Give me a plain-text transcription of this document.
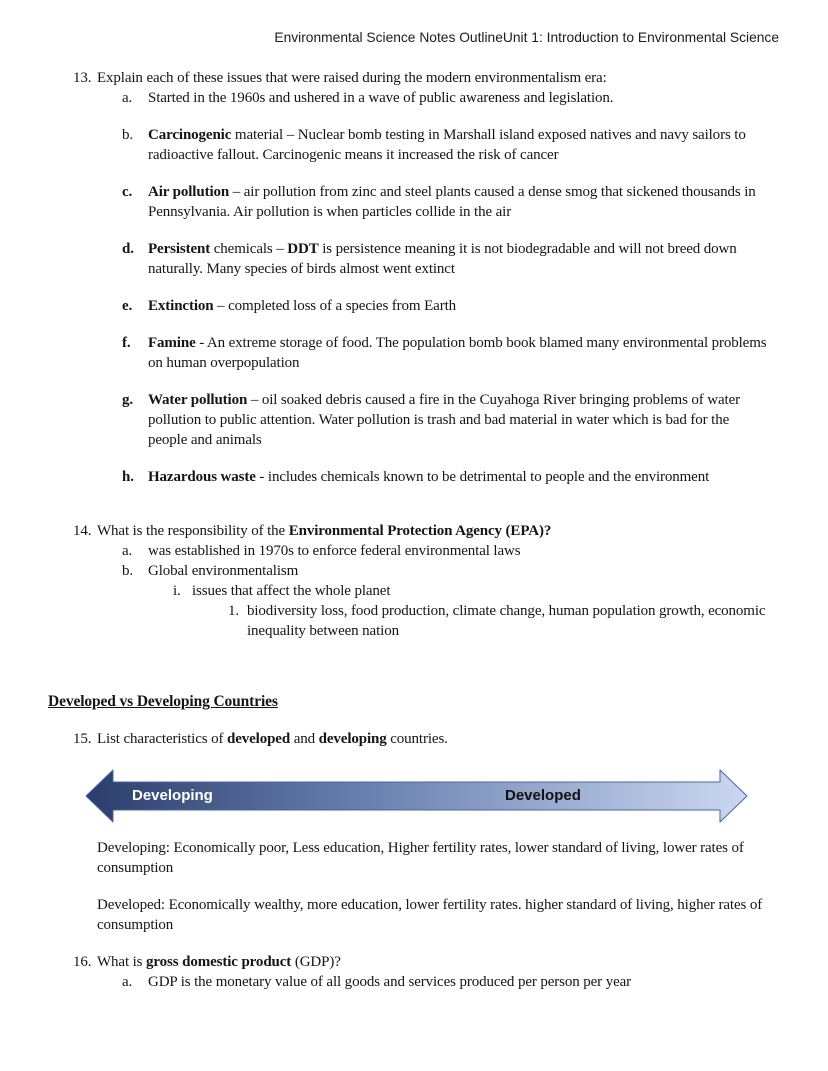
Environmental Science Notes OutlineUnit 1: Introduction to Environmental Science
13. Explain each of these issues that were raised during the modern environmentalism era:
a.	Started in the 1960s and ushered in a wave of public awareness and legislation.
b. Carcinogenic material – Nuclear bomb testing in Marshall island exposed natives and navy sailors to radioactive fallout. Carcinogenic means it increased the risk of cancer
c.	Air pollution – air pollution from zinc and steel plants caused a dense smog that sickened thousands in Pennsylvania. Air pollution is when particles collide in the air
d. Persistent chemicals – DDT is persistence meaning it is not biodegradable and will not breed down naturally. Many species of birds almost went extinct
e.	Extinction – completed loss of a species from Earth
f.	Famine - An extreme storage of food. The population bomb book blamed many environmental problems on human overpopulation
g. Water pollution – oil soaked debris caused a fire in the Cuyahoga River bringing problems of water pollution to public attention. Water pollution is trash and bad material in water which is bad for the people and animals
h. Hazardous waste - includes chemicals known to be detrimental to people and the environment
14. What is the responsibility of the Environmental Protection Agency (EPA)?
a.	was established in 1970s to enforce federal environmental laws
b. Global environmentalism
i. issues that affect the whole planet
1. biodiversity loss, food production, climate change, human population growth, economic inequality between nation
Developed vs Developing Countries
15. List characteristics of developed and developing countries.
Developing	Developed
Developing: Economically poor, Less education, Higher fertility rates, lower standard of living, lower rates of consumption
Developed: Economically wealthy, more education, lower fertility rates. higher standard of living, higher rates of consumption
16. What is gross domestic product (GDP)?
a.	GDP is the monetary value of all goods and services produced per person per year
